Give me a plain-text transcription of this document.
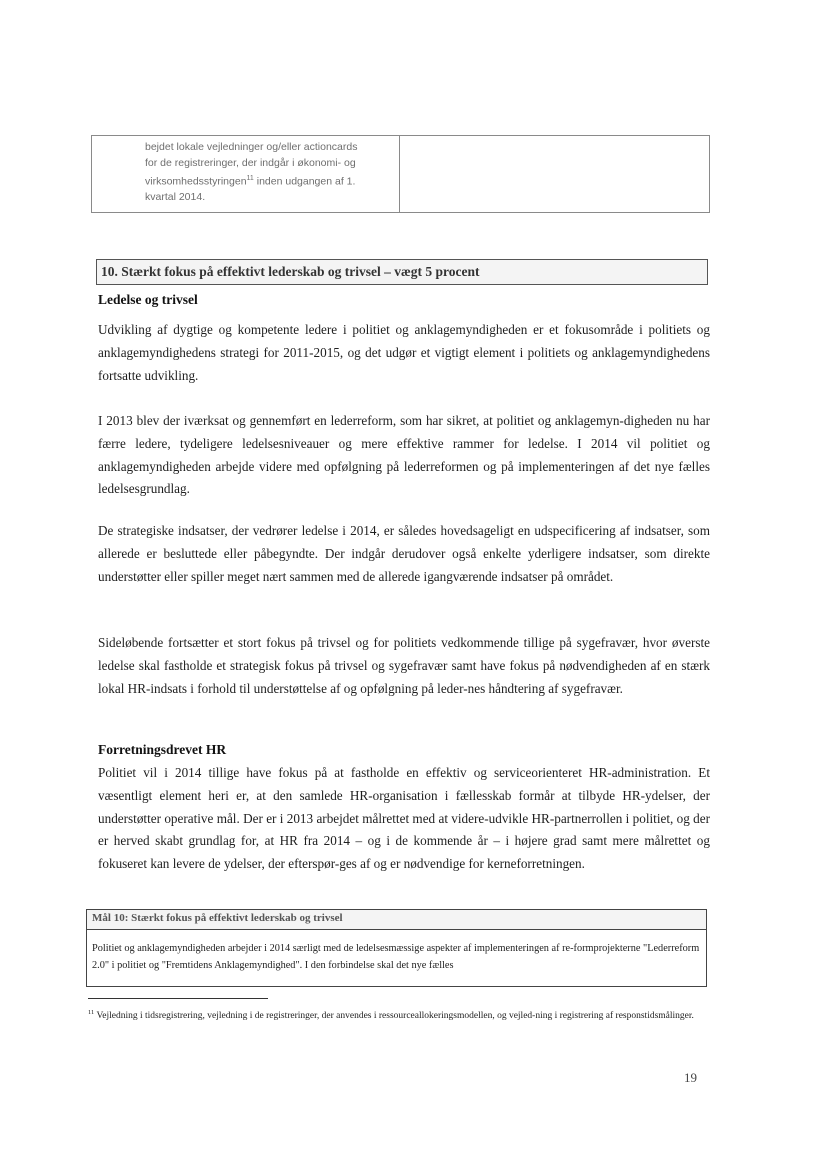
bejdet lokale vejledninger og/eller actioncards

for de registreringer, der indgår i økonomi- og

virksomhedsstyringen$^{11}$ inden udgangen af 1.

kvartal 2014.

10. Stærkt fokus på effektivt lederskab og trivsel – vægt 5 procent

Ledelse og trivsel

Udvikling af dygtige og kompetente ledere i politiet og anklagemyndigheden er et fokusområde i politiets og anklagemyndighedens strategi for 2011-2015, og det udgør et vigtigt element i politiets og anklagemyndighedens fortsatte udvikling.

I 2013 blev der iværksat og gennemført en lederreform, som har sikret, at politiet og anklagemyn-digheden nu har færre ledere, tydeligere ledelsesniveauer og mere effektive rammer for ledelse. I 2014 vil politiet og anklagemyndigheden arbejde videre med opfølgning på lederreformen og på implementeringen af det nye fælles ledelsesgrundlag.

De strategiske indsatser, der vedrører ledelse i 2014, er således hovedsageligt en udspecificering af indsatser, som allerede er besluttede eller påbegyndte. Der indgår derudover også enkelte yderligere indsatser, som direkte understøtter eller spiller meget nært sammen med de allerede igangværende indsatser på området.

Sideløbende fortsætter et stort fokus på trivsel og for politiets vedkommende tillige på sygefravær, hvor øverste ledelse skal fastholde et strategisk fokus på trivsel og sygefravær samt have fokus på nødvendigheden af en stærk lokal HR-indsats i forhold til understøttelse af og opfølgning på leder-nes håndtering af sygefravær.

Forretningsdrevet HR

Politiet vil i 2014 tillige have fokus på at fastholde en effektiv og serviceorienteret HR-administration. Et væsentligt element heri er, at den samlede HR-organisation i fællesskab formår at tilbyde HR-ydelser, der understøtter operative mål. Der er i 2013 arbejdet målrettet med at videre-udvikle HR-partnerrollen i politiet, og der er herved skabt grundlag for, at HR fra 2014 – og i de kommende år – i højere grad samt mere målrettet og fokuseret kan levere de ydelser, der efterspør-ges af og er nødvendige for kerneforretningen.

Mål 10: Stærkt fokus på effektivt lederskab og trivsel

Politiet og anklagemyndigheden arbejder i 2014 særligt med de ledelsesmæssige aspekter af implementeringen af re-formprojekterne "Lederreform 2.0" i politiet og "Fremtidens Anklagemyndighed". I den forbindelse skal det nye fælles

$^{11}$ Vejledning i tidsregistrering, vejledning i de registreringer, der anvendes i ressourceallokeringsmodellen, og vejled-ning i registrering af responstidsmålinger.

19
